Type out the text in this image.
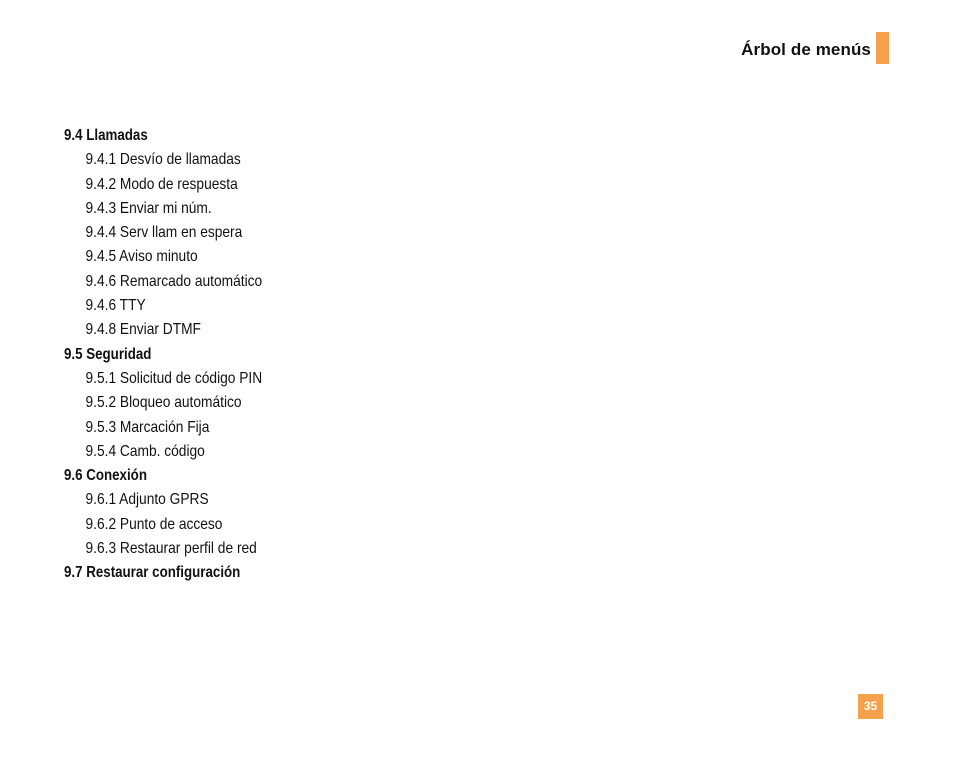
Árbol de menús
9.4 Llamadas
9.4.1 Desvío de llamadas
9.4.2 Modo de respuesta
9.4.3 Enviar mi núm.
9.4.4 Serv llam en espera
9.4.5 Aviso minuto
9.4.6 Remarcado automático
9.4.6 TTY
9.4.8 Enviar DTMF
9.5 Seguridad
9.5.1 Solicitud de código PIN
9.5.2 Bloqueo automático
9.5.3 Marcación Fija
9.5.4 Camb. código
9.6 Conexión
9.6.1 Adjunto GPRS
9.6.2 Punto de acceso
9.6.3 Restaurar perfil de red
9.7 Restaurar configuración
35
